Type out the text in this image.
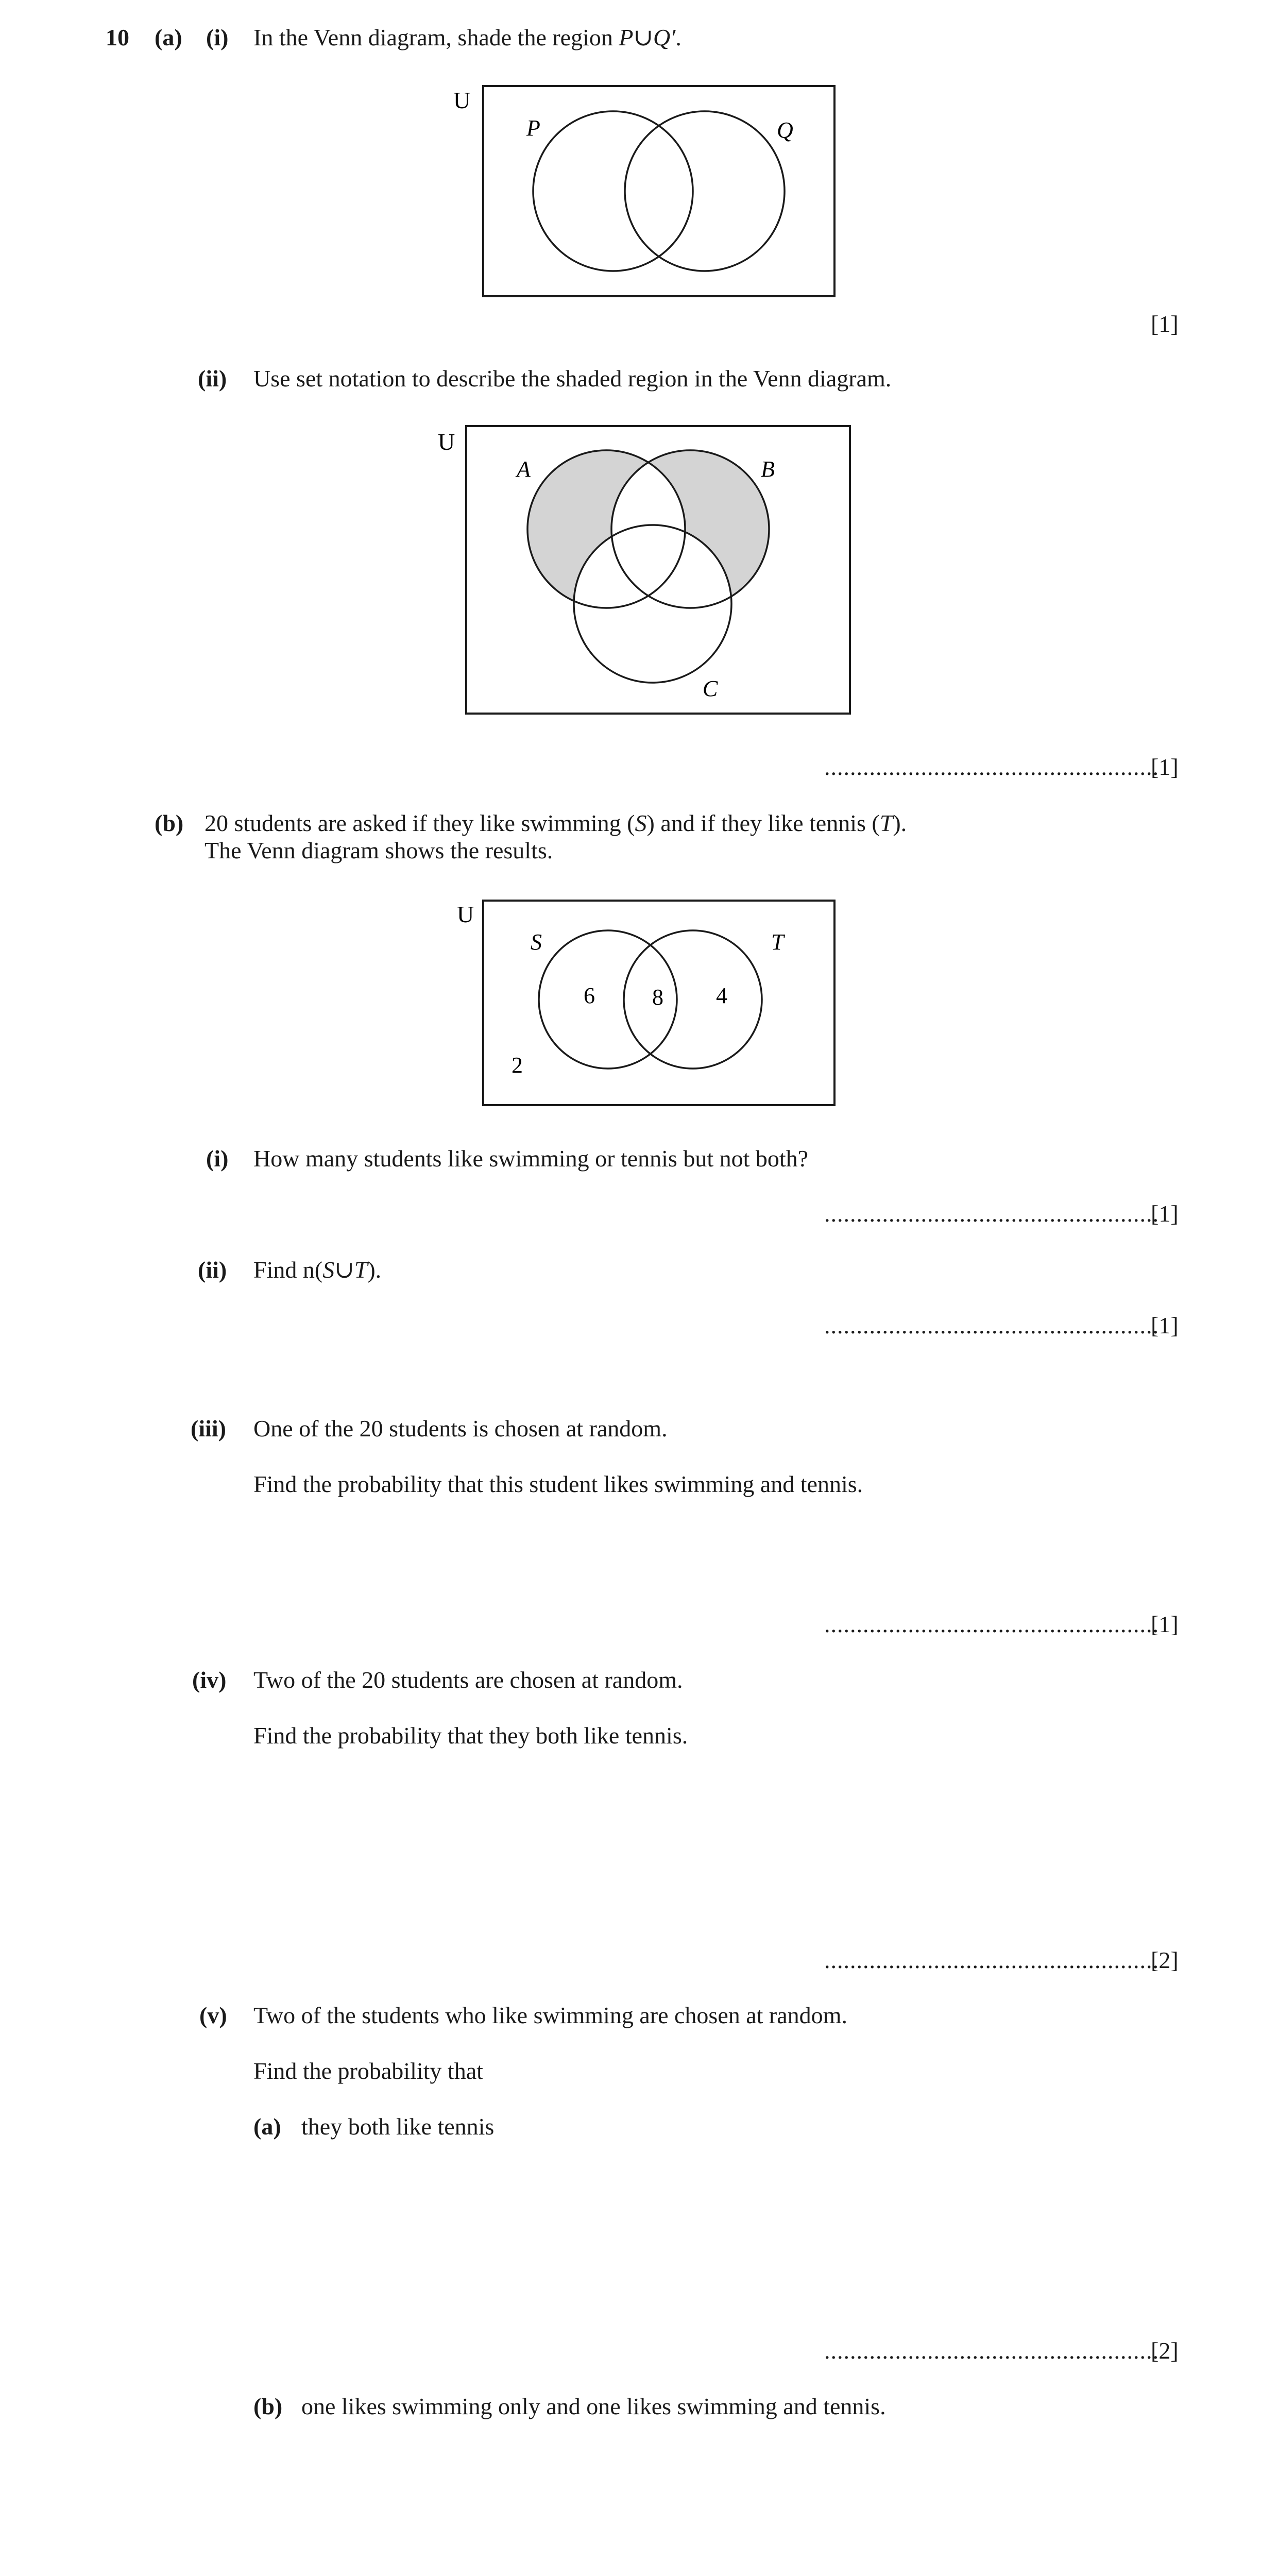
10 (a) (i) In the Venn diagram, shade the region P∪Q′.
U
P	Q
[1]
(ii) Use set notation to describe the shaded region in the Venn diagram.
U
A	B
C
....................................................
[1]
(b) 20 students are asked if they like swimming (S) and if they like tennis (T).
The Venn diagram shows the results.
U
S	T
6	8 4
2
(i) How many students like swimming or tennis but not both?
....................................................
[1]
(ii) Find n(S∪T).
....................................................
[1]
(iii) One of the 20 students is chosen at random.
Find the probability that this student likes swimming and tennis.
....................................................
[1]
(iv) Two of the 20 students are chosen at random.
Find the probability that they both like tennis.
....................................................
[2]
(v) Two of the students who like swimming are chosen at random.
Find the probability that
(a) they both like tennis
....................................................
[2]
(b) one likes swimming only and one likes swimming and tennis.
